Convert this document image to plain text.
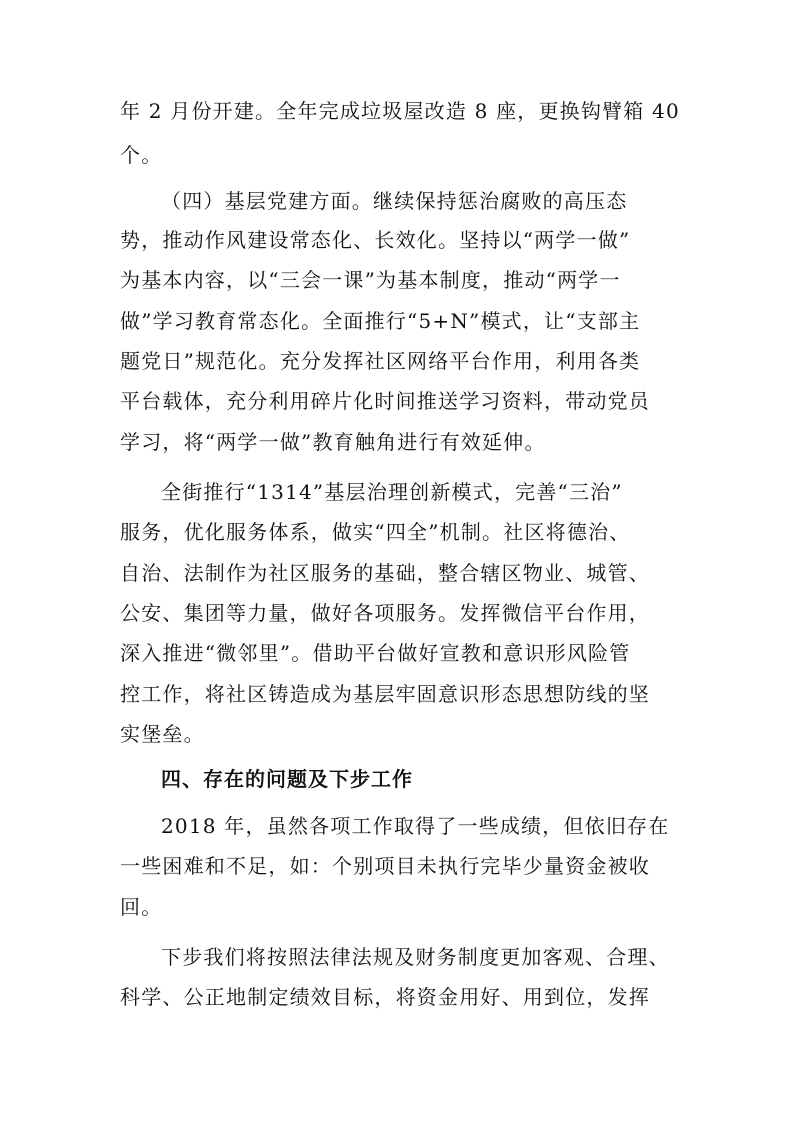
年 2 月份开建。全年完成垃圾屋改造 8 座，更换钩臂箱 40
个。
（四）基层党建方面。继续保持惩治腐败的高压态
势，推动作风建设常态化、长效化。坚持以“两学一做”
为基本内容，以“三会一课”为基本制度，推动“两学一
做”学习教育常态化。全面推行“5+N”模式，让“支部主
题党日”规范化。充分发挥社区网络平台作用，利用各类
平台载体，充分利用碎片化时间推送学习资料，带动党员
学习，将“两学一做”教育触角进行有效延伸。
全街推行“1314”基层治理创新模式，完善“三治”
服务，优化服务体系，做实“四全”机制。社区将德治、
自治、法制作为社区服务的基础，整合辖区物业、城管、
公安、集团等力量，做好各项服务。发挥微信平台作用，
深入推进“微邻里”。借助平台做好宣教和意识形风险管
控工作，将社区铸造成为基层牢固意识形态思想防线的坚
实堡垒。
四、存在的问题及下步工作
2018 年，虽然各项工作取得了一些成绩，但依旧存在
一些困难和不足，如：个别项目未执行完毕少量资金被收
回。
下步我们将按照法律法规及财务制度更加客观、合理、
科学、公正地制定绩效目标，将资金用好、用到位，发挥
